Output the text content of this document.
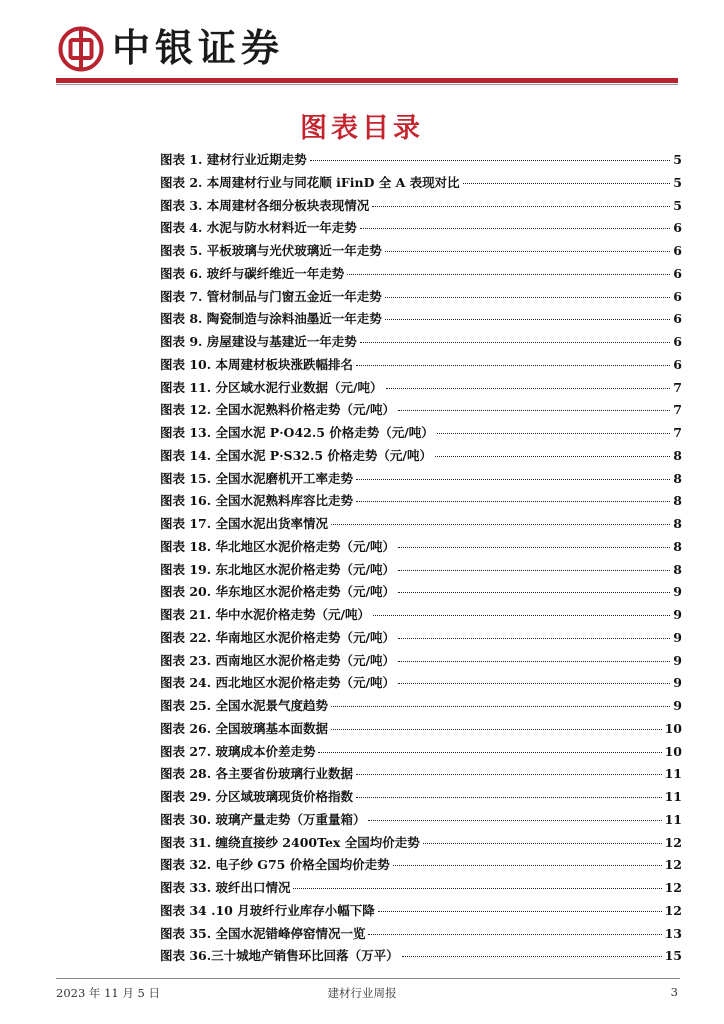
中银证券
图表目录
图表 1. 建材行业近期走势	5
图表 2. 本周建材行业与同花顺 iFinD 全 A 表现对比	5
图表 3. 本周建材各细分板块表现情况	5
图表 4. 水泥与防水材料近一年走势	6
图表 5. 平板玻璃与光伏玻璃近一年走势	6
图表 6. 玻纤与碳纤维近一年走势	6
图表 7. 管材制品与门窗五金近一年走势	6
图表 8. 陶瓷制造与涂料油墨近一年走势	6
图表 9. 房屋建设与基建近一年走势	6
图表 10. 本周建材板块涨跌幅排名	6
图表 11. 分区域水泥行业数据（元/吨）	7
图表 12. 全国水泥熟料价格走势（元/吨）	7
图表 13. 全国水泥 P·O42.5 价格走势（元/吨）	7
图表 14. 全国水泥 P·S32.5 价格走势（元/吨）	8
图表 15. 全国水泥磨机开工率走势	8
图表 16. 全国水泥熟料库容比走势	8
图表 17. 全国水泥出货率情况	8
图表 18. 华北地区水泥价格走势（元/吨）	8
图表 19. 东北地区水泥价格走势（元/吨）	8
图表 20. 华东地区水泥价格走势（元/吨）	9
图表 21. 华中水泥价格走势（元/吨）	9
图表 22. 华南地区水泥价格走势（元/吨）	9
图表 23. 西南地区水泥价格走势（元/吨）	9
图表 24. 西北地区水泥价格走势（元/吨）	9
图表 25. 全国水泥景气度趋势	9
图表 26. 全国玻璃基本面数据	10
图表 27. 玻璃成本价差走势	10
图表 28. 各主要省份玻璃行业数据	11
图表 29. 分区域玻璃现货价格指数	11
图表 30. 玻璃产量走势（万重量箱）	11
图表 31. 缠绕直接纱 2400Tex 全国均价走势	12
图表 32. 电子纱 G75 价格全国均价走势	12
图表 33. 玻纤出口情况	12
图表 34 .10 月玻纤行业库存小幅下降	12
图表 35. 全国水泥错峰停窑情况一览	13
图表 36.三十城地产销售环比回落（万平）	15
2023 年 11 月 5 日	建材行业周报	3
